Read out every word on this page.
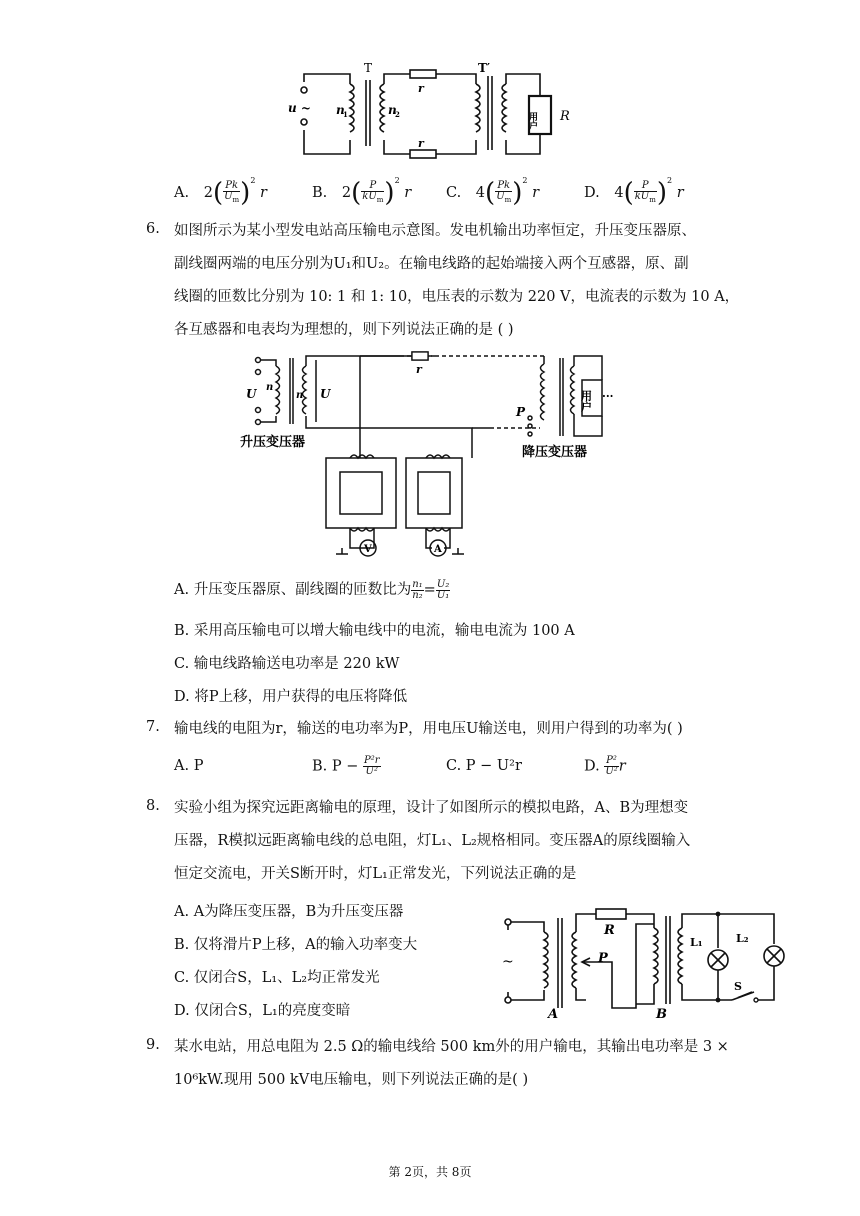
T	T′
u ~ n
1	n
2
r
r
用户 R
A. $2( \frac{Pk}{U_m} )^2$ r	B. $2( \frac{P}{kU_m} )^2$ r C. $4( \frac{Pk}{U_m} )^2$ r	D. $4( \frac{P}{kU_m} )^2$ r
6. 如图所示为某小型发电站高压输电示意图。发电机输出功率恒定，升压变压器原、
副线圈两端的电压分别为U₁和U₂。在输电线路的起始端接入两个互感器，原、副
线圈的匝数比分别为 10: 1 和 1: 10，电压表的示数为 220 V，电流表的示数为 10 A，
各互感器和电表均为理想的，则下列说法正确的是 ( )
r
U n
n U
P	用户 ···
升压变压器
降压变压器
V	A
A. 升压变压器原、副线圈的匝数比为 $\frac{\text{n₁}}{\text{n₂}} = \frac{\text{U₂}}{\text{U₁}}$
B. 采用高压输电可以增大输电线中的电流，输电电流为 100 A
C. 输电线路输送电功率是 220 kW
D. 将P上移，用户获得的电压将降低
7. 输电线的电阻为r，输送的电功率为P，用电压U输送电，则用户得到的功率为( )
A. P	B. $P - \frac{\text{P²r}}{\text{U²}}$	C. P − U²r	D. $\frac{\text{P²}}{\text{U²}}$ r
8. 实验小组为探究远距离输电的原理，设计了如图所示的模拟电路，A、B为理想变
压器，R模拟远距离输电线的总电阻，灯L₁、L₂规格相同。变压器A的原线圈输入
恒定交流电，开关S断开时，灯L₁正常发光，下列说法正确的是
A. A为降压变压器，B为升压变压器
B. 仅将滑片P上移，A的输入功率变大
C. 仅闭合S，L₁、L₂均正常发光
D. 仅闭合S，L₁的亮度变暗
~
R
P
A	B
L₁	L₂
S
9. 某水电站，用总电阻为 2.5 Ω的输电线给 500 km外的用户输电，其输出电功率是 3 ×
10⁶kW.现用 500 kV电压输电，则下列说法正确的是( )
第 2页，共 8页
